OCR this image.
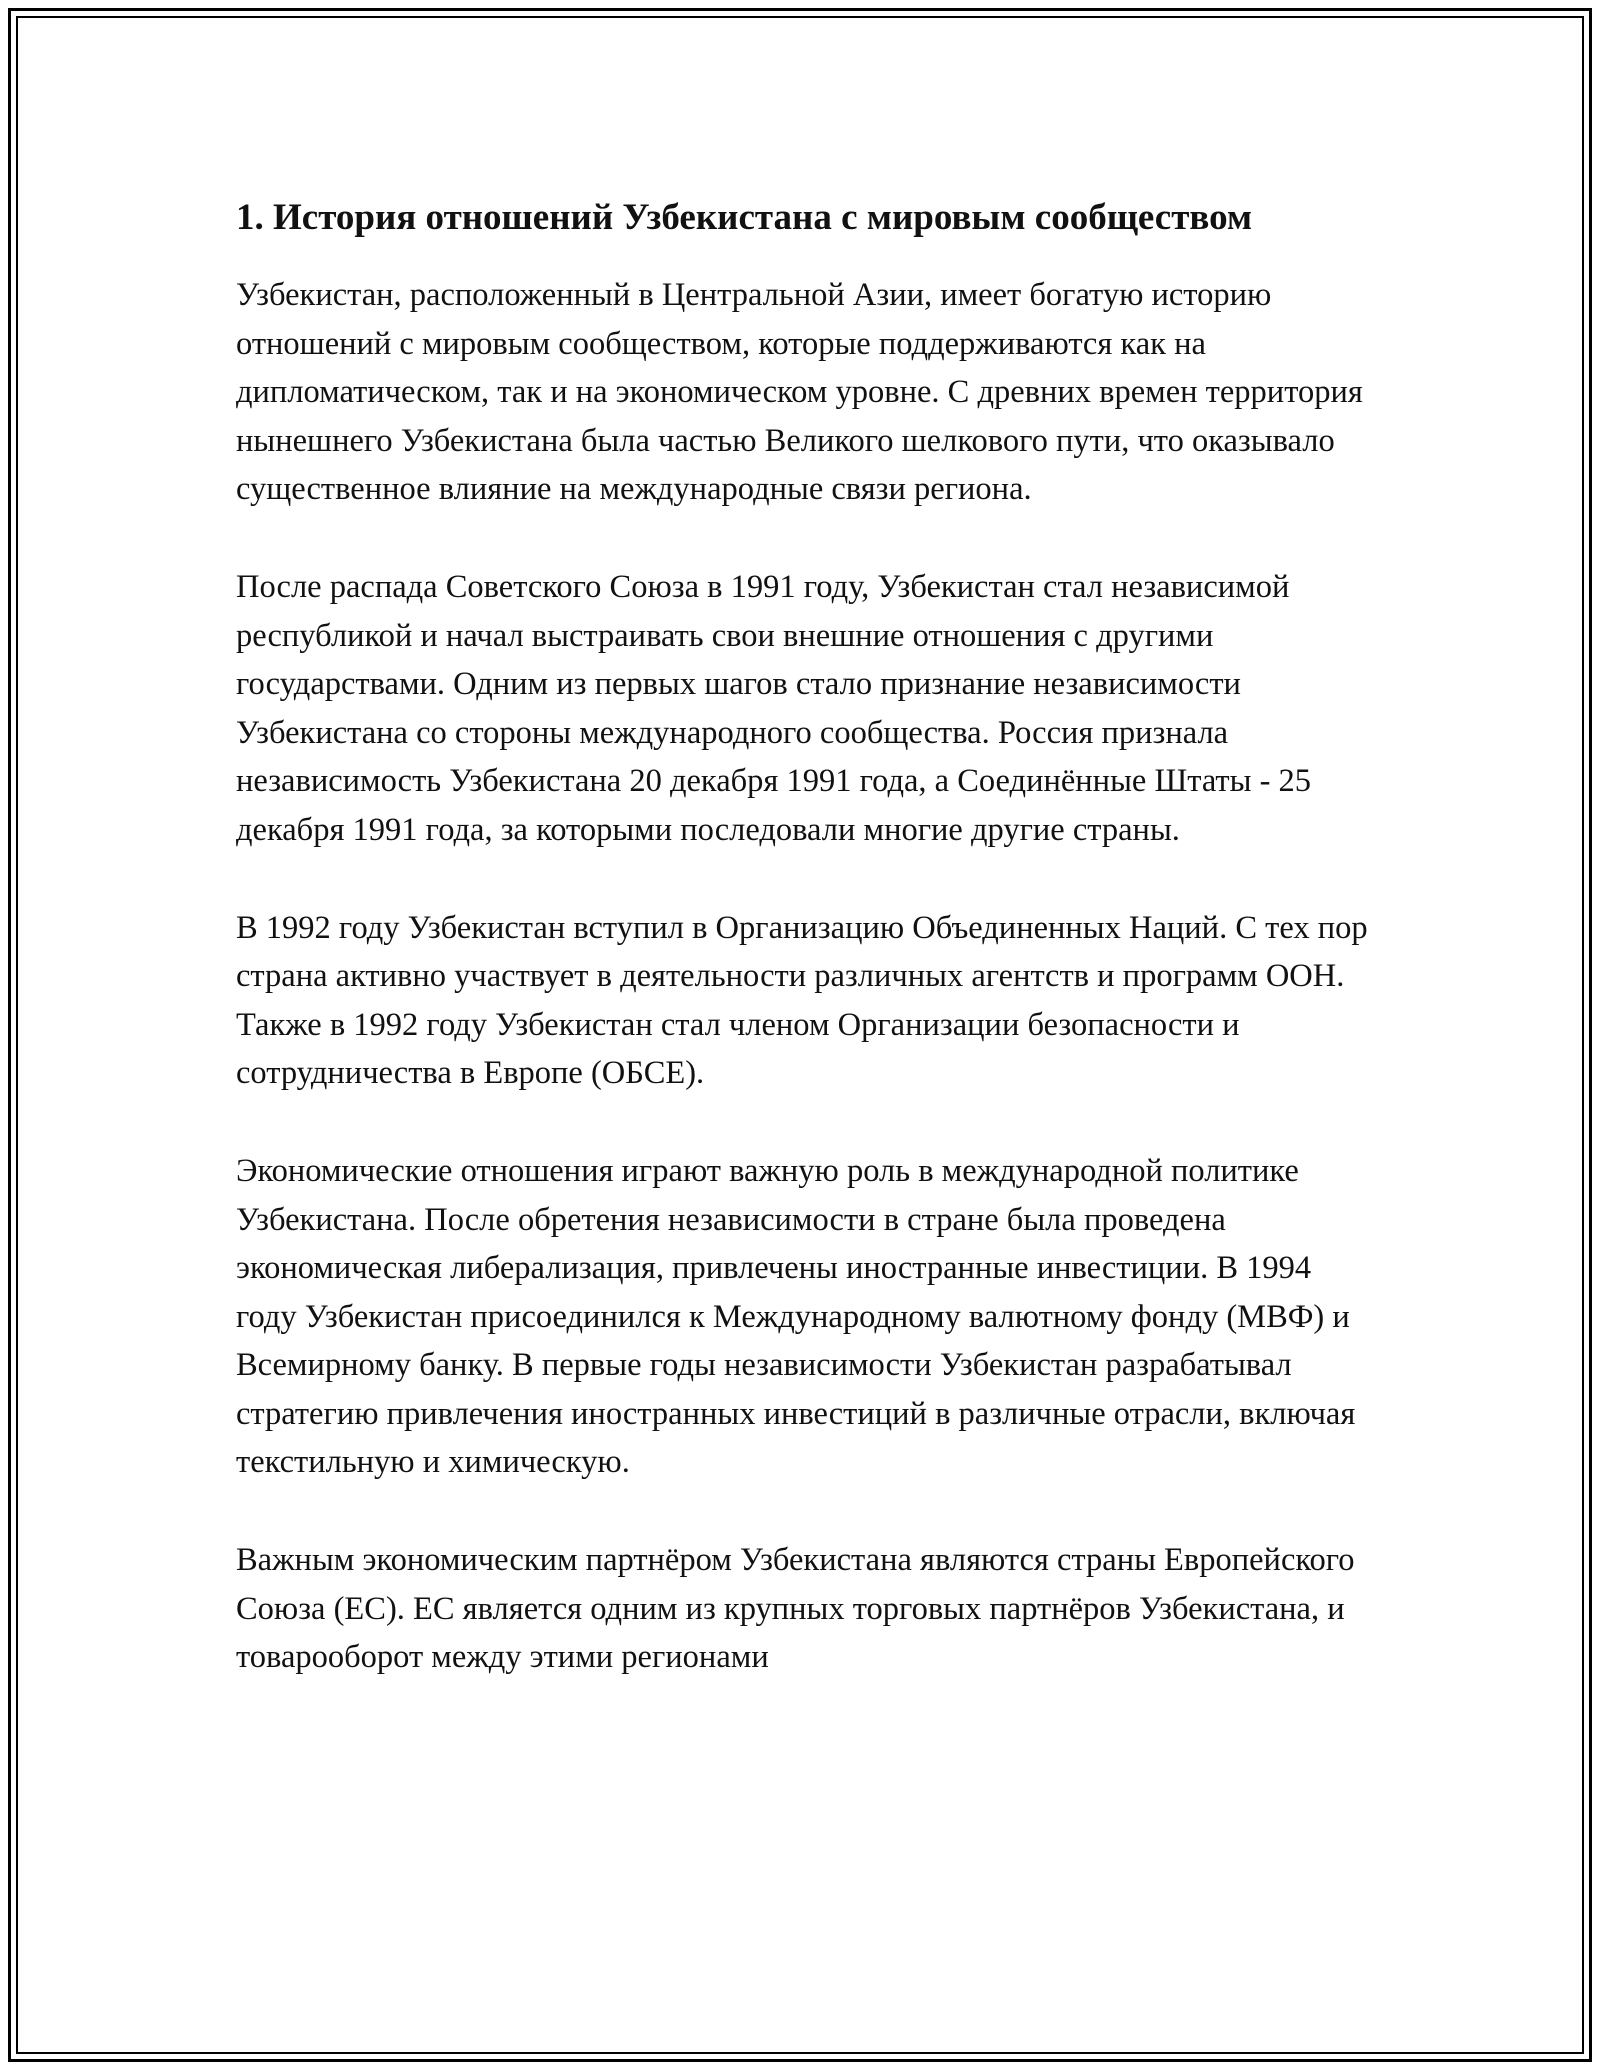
1. История отношений Узбекистана с мировым сообществом

Узбекистан, расположенный в Центральной Азии, имеет богатую историю отношений с мировым сообществом, которые поддерживаются как на дипломатическом, так и на экономическом уровне. С древних времен территория нынешнего Узбекистана была частью Великого шелкового пути, что оказывало существенное влияние на международные связи региона.

После распада Советского Союза в 1991 году, Узбекистан стал независимой республикой и начал выстраивать свои внешние отношения с другими государствами. Одним из первых шагов стало признание независимости Узбекистана со стороны международного сообщества. Россия признала независимость Узбекистана 20 декабря 1991 года, а Соединённые Штаты - 25 декабря 1991 года, за которыми последовали многие другие страны.

В 1992 году Узбекистан вступил в Организацию Объединенных Наций. С тех пор страна активно участвует в деятельности различных агентств и программ ООН. Также в 1992 году Узбекистан стал членом Организации безопасности и сотрудничества в Европе (ОБСЕ).

Экономические отношения играют важную роль в международной политике Узбекистана. После обретения независимости в стране была проведена экономическая либерализация, привлечены иностранные инвестиции. В 1994 году Узбекистан присоединился к Международному валютному фонду (МВФ) и Всемирному банку. В первые годы независимости Узбекистан разрабатывал стратегию привлечения иностранных инвестиций в различные отрасли, включая текстильную и химическую.

Важным экономическим партнёром Узбекистана являются страны Европейского Союза (ЕС). ЕС является одним из крупных торговых партнёров Узбекистана, и товарооборот между этими регионами
